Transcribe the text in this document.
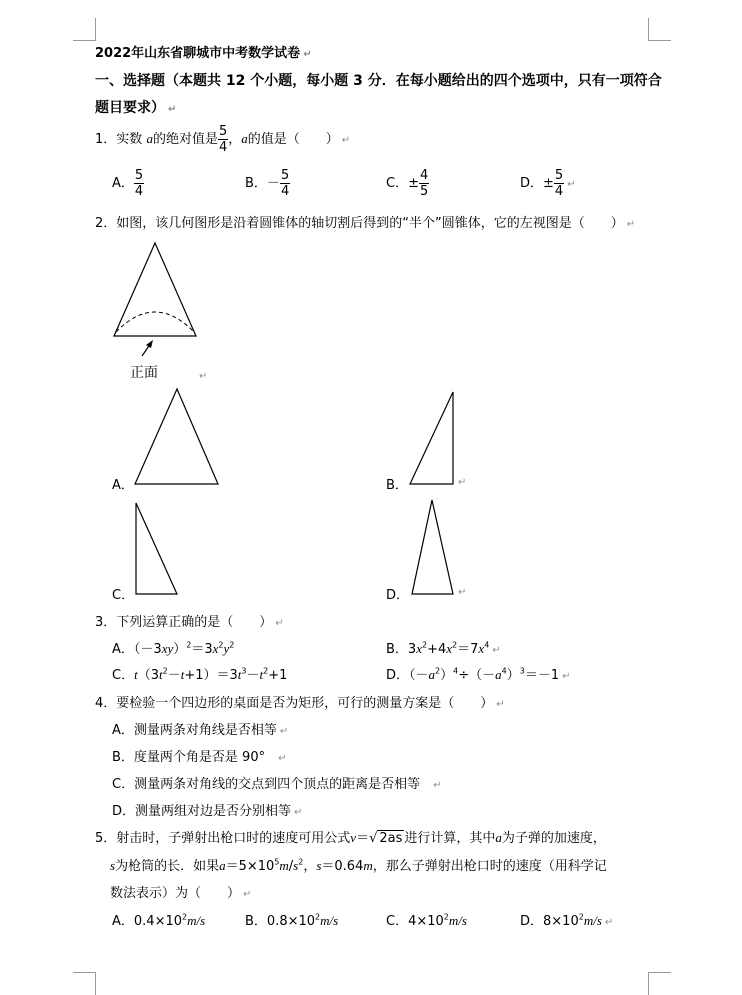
2022年山东省聊城市中考数学试卷 ↵
一、选择题（本题共 12 个小题，每小题 3 分．在每小题给出的四个选项中，只有一项符合
题目要求） ↵
1．实数 a的绝对值是 $\frac{5}{4}$ ，a的值是（　　） ↵
A． $\frac{5}{4}$	B．－ $\frac{5}{4}$	C．± $\frac{4}{5}$	D．± $\frac{5}{4}$ ↵
2．如图，该几何图形是沿着圆锥体的轴切割后得到的“半个”圆锥体，它的左视图是（　　） ↵
正面	↵
A．	B．	↵
C．	D．	↵
3．下列运算正确的是（　　） ↵
A．$(-3xy)^2=3x^2y^2$	B．$3x^2+4x^2=7x^4$ ↵
C．$t(3t^2-t+1)=3t^3-t^2+1$	D．$(-a^2)^4\div(-a^4)^3=-1$ ↵
4．要检验一个四边形的桌面是否为矩形，可行的测量方案是（　　） ↵
A．测量两条对角线是否相等 ↵
B．度量两个角是否是 90°　↵
C．测量两条对角线的交点到四个顶点的距离是否相等　↵
D．测量两组对边是否分别相等 ↵
5．射击时，子弹射出枪口时的速度可用公式v＝√ 2as 进行计算，其中a为子弹的加速度，
s为枪筒的长．如果$a=5\times 10^5m/s^2$，s＝0.64m，那么子弹射出枪口时的速度（用科学记
数法表示）为（　　） ↵
A．$0.4\times 10^2m/s$	B．$0.8\times 10^2m/s$	C．$4\times 10^2m/s$	D．$8\times 10^2m/s$ ↵
